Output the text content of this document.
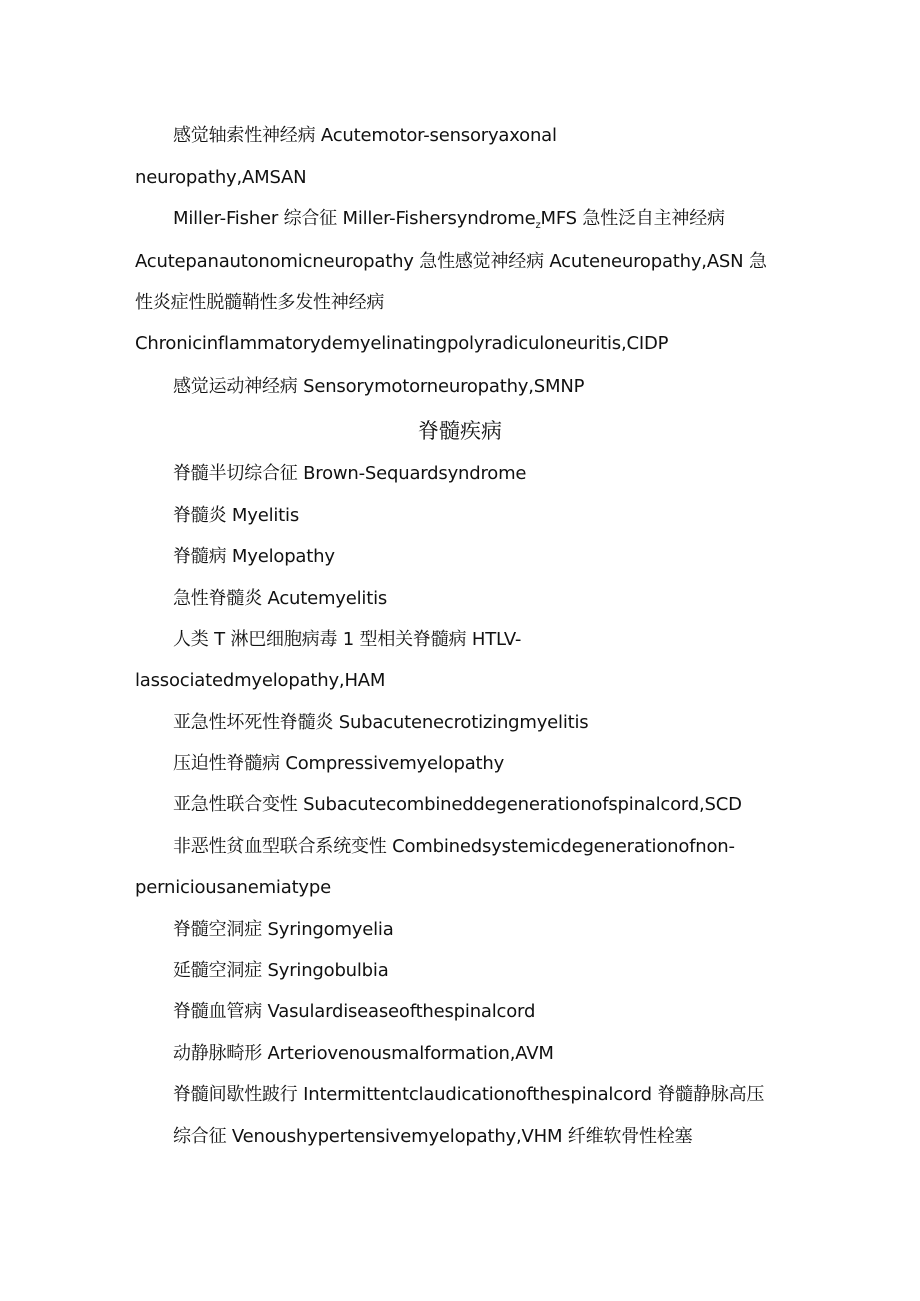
感觉轴索性神经病 Acutemotor-sensoryaxonal
neuropathy,AMSAN
Miller-Fisher 综合征 Miller-Fishersyndrome$_z$MFS 急性泛自主神经病
Acutepanautonomicneuropathy 急性感觉神经病 Acuteneuropathy,ASN 急
性炎症性脱髓鞘性多发性神经病
Chronicinflammatorydemyelinatingpolyradiculoneuritis,CIDP
感觉运动神经病 Sensorymotorneuropathy,SMNP
脊髓疾病
脊髓半切综合征 Brown-Sequardsyndrome
脊髓炎 Myelitis
脊髓病 Myelopathy
急性脊髓炎 Acutemyelitis
人类 T 淋巴细胞病毒 1 型相关脊髓病 HTLV-
lassociatedmyelopathy,HAM
亚急性坏死性脊髓炎 Subacutenecrotizingmyelitis
压迫性脊髓病 Compressivemyelopathy
亚急性联合变性 Subacutecombineddegenerationofspinalcord,SCD
非恶性贫血型联合系统变性 Combinedsystemicdegenerationofnon-
perniciousanemiatype
脊髓空洞症 Syringomyelia
延髓空洞症 Syringobulbia
脊髓血管病 Vasulardiseaseofthespinalcord
动静脉畸形 Arteriovenousmalformation,AVM
脊髓间歇性跛行 Intermittentclaudicationofthespinalcord 脊髓静脉高压
综合征 Venoushypertensivemyelopathy,VHM 纤维软骨性栓塞
